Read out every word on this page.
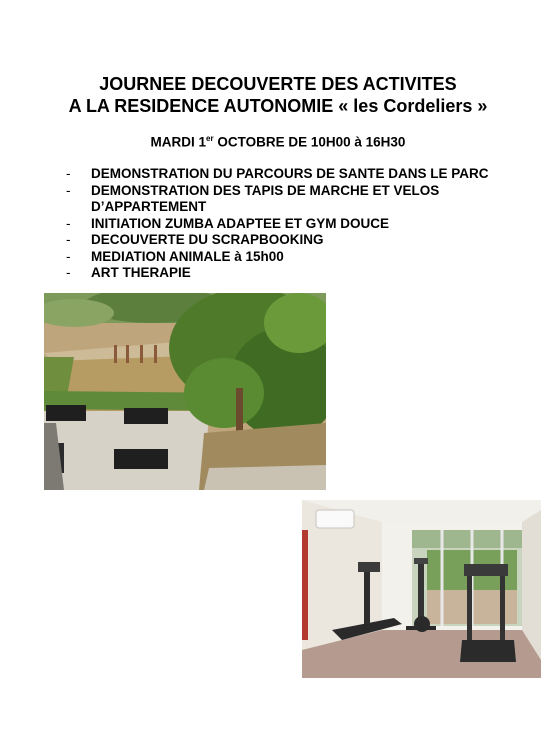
JOURNEE DECOUVERTE DES ACTIVITES
A LA RESIDENCE AUTONOMIE « les Cordeliers »
MARDI 1er OCTOBRE DE 10H00 à 16H30
- DEMONSTRATION DU PARCOURS DE SANTE DANS LE PARC
- DEMONSTRATION DES TAPIS DE MARCHE ET VELOS D’APPARTEMENT
- INITIATION ZUMBA ADAPTEE ET GYM DOUCE
- DECOUVERTE DU SCRAPBOOKING
- MEDIATION ANIMALE à 15h00
- ART THERAPIE
